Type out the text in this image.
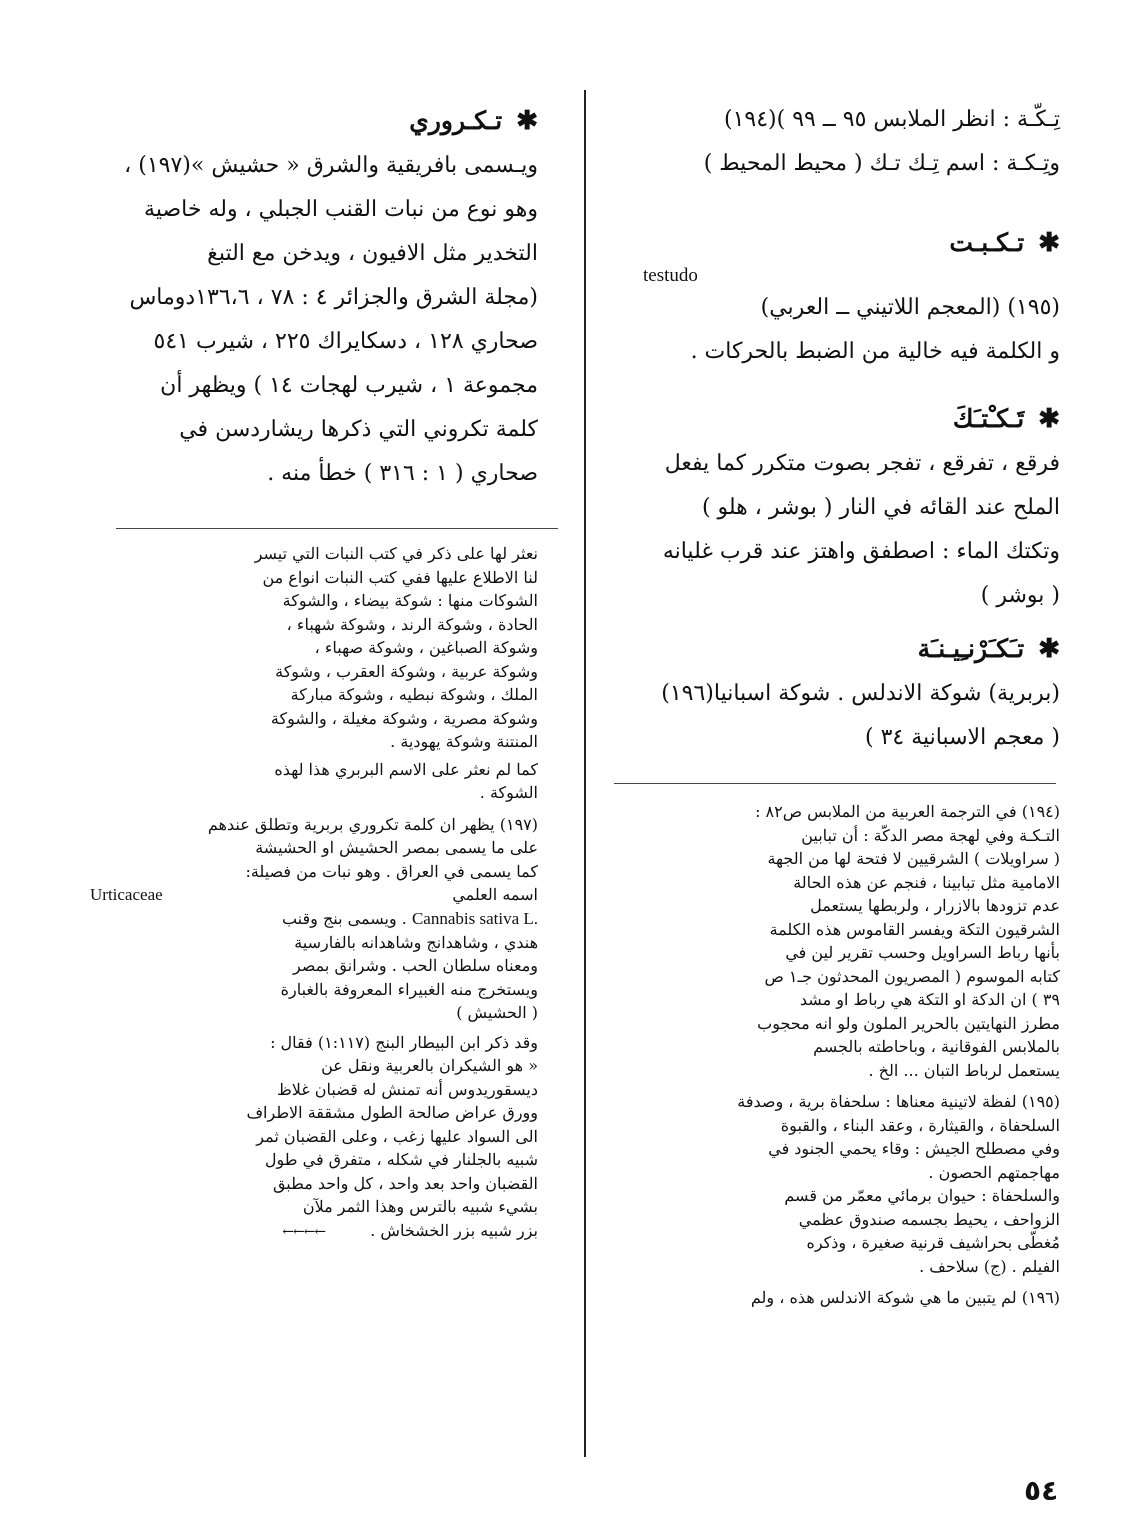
تِـكّـة : انظر الملابس ٩٥ ــ ٩٩ )(١٩٤)
وتِـكـة : اسم تِـك تـك ( محيط المحيط )
✱تـكـبـت
testudo
(١٩٥) (المعجم اللاتيني ــ العربي)
و الكلمة فيه خالية من الضبط بالحركات .
✱تَـكـْتـَكَ
فرقع ، تفرقع ، تفجر بصوت متكرر كما يفعل
الملح عند القائه في النار ( بوشر ، هلو )
وتكتك الماء : اصطفق واهتز عند قرب غليانه
( بوشر )
✱تـَكـَرْنـِيـنـَة
(بربرية) شوكة الاندلس . شوكة اسبانيا(١٩٦)
( معجم الاسبانية ٣٤ )
(١٩٤) في الترجمة العربية من الملابس ص٨٢ :
التـكـة وفي لهجة مصر الدكّة : أن تبابين
( سراويلات ) الشرقيين لا فتحة لها من الجهة
الامامية مثل تبابينا ، فنجم عن هذه الحالة
عدم تزودها بالازرار ، ولربطها يستعمل
الشرقيون التكة ويفسر القاموس هذه الكلمة
بأنها رباط السراويل وحسب تقرير لين في
كتابه الموسوم ( المصريون المحدثون جـ١ ص
٣٩ ) ان الدكة او التكة هي رباط او مشد
مطرز النهايتين بالحرير الملون ولو انه محجوب
بالملابس الفوقانية ، وباحاطته بالجسم
يستعمل لرباط التبان ... الخ .
(١٩٥) لفظة لاتينية معناها : سلحفاة برية ، وصدفة
السلحفاة ، والقيثارة ، وعقد البناء ، والقبوة
وفي مصطلح الجيش : وقاء يحمي الجنود في
مهاجمتهم الحصون .
والسلحفاة : حيوان برمائي معمّر من قسم
الزواحف ، يحيط بجسمه صندوق عظمي
مُغطّى بحراشيف قرنية صغيرة ، وذكره
الفيلم . (ج) سلاحف .
(١٩٦) لم يتبين ما هي شوكة الاندلس هذه ، ولم
✱تـكـروري
ويـسمى بافريقية والشرق « حشيش »(١٩٧) ،
وهو نوع من نبات القنب الجبلي ، وله خاصية
التخدير مثل الافيون ، ويدخن مع التبغ
(مجلة الشرق والجزائر ٤ : ٧٨ ، ١٣٦،٦دوماس
صحاري ١٢٨ ، دسكايراك ٢٢٥ ، شيرب ٥٤١
مجموعة ١ ، شيرب لهجات ١٤ ) ويظهر أن
كلمة تكروني التي ذكرها ريشاردسن في
صحاري ( ١ : ٣١٦ ) خطأ منه .
نعثر لها على ذكر في كتب النبات التي تيسر
لنا الاطلاع عليها ففي كتب النبات انواع من
الشوكات منها : شوكة بيضاء ، والشوكة
الحادة ، وشوكة الرند ، وشوكة شهباء ،
وشوكة الصباغين ، وشوكة صهباء ،
وشوكة عربية ، وشوكة العقرب ، وشوكة
الملك ، وشوكة نبطيه ، وشوكة مباركة
وشوكة مصرية ، وشوكة مغيلة ، والشوكة
المنتنة وشوكة يهودية .
كما لم نعثر على الاسم البربري هذا لهذه
الشوكة .
(١٩٧) يظهر ان كلمة تكروري بربرية وتطلق عندهم
على ما يسمى بمصر الحشيش او الحشيشة
كما يسمى في العراق . وهو نبات من فصيلة:
اسمه العلمي
Urticaceae
Cannabis sativa L. . ويسمى بنج وقنب
هندي ، وشاهدانج وشاهدانه بالفارسية
ومعناه سلطان الحب . وشرانق بمصر
ويستخرج منه الغبيراء المعروفة بالغبارة
( الحشيش )
وقد ذكر ابن البيطار البنج (١:١١٧) فقال :
« هو الشيكران بالعربية ونقل عن
ديسقوريدوس أنه تمنش له قضبان غلاظ
وورق عراض صالحة الطول مشققة الاطراف
الى السواد عليها زغب ، وعلى القضبان ثمر
شبيه بالجلنار في شكله ، متفرق في طول
القضبان واحد بعد واحد ، كل واحد مطبق
بشيء شبيه بالترس وهذا الثمر ملآن
بزر شبيه بزر الخشخاش . ←←←←
٥٤
